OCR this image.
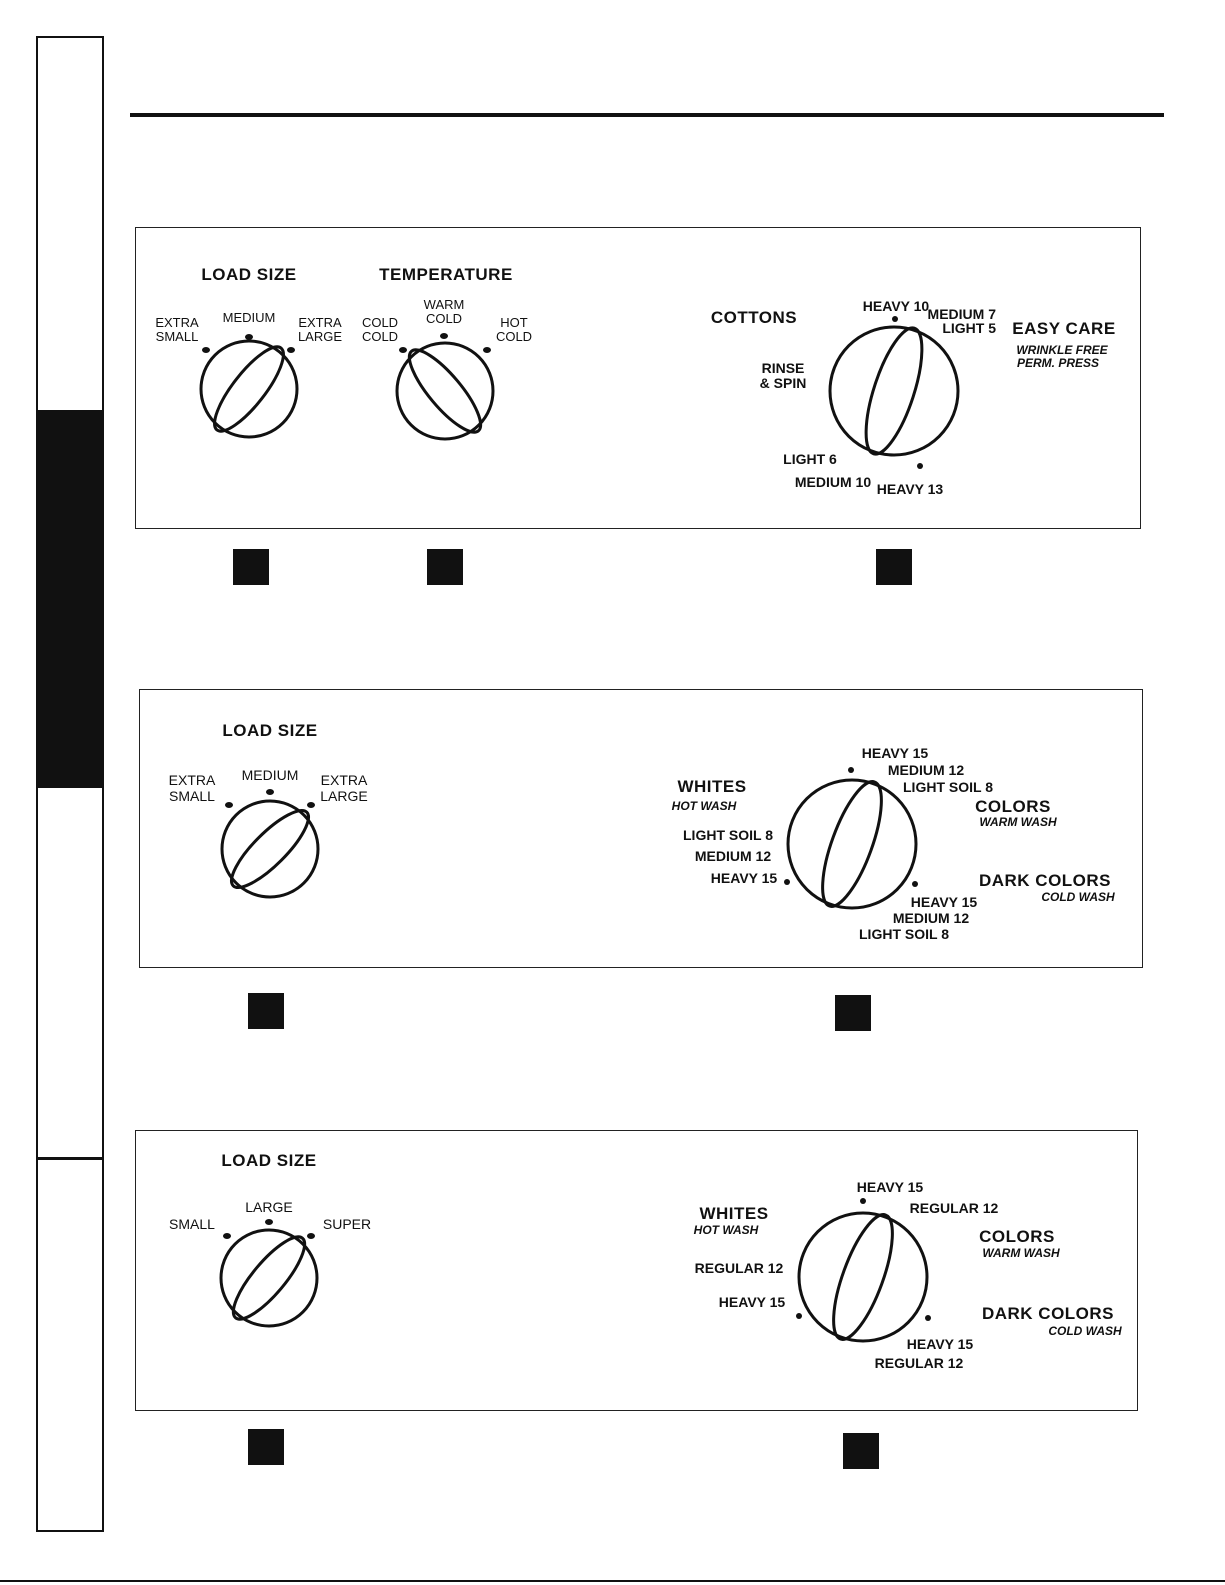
LOAD SIZE
EXTRA
SMALL
MEDIUM EXTRA
LARGE
TEMPERATURE
COLD
COLD
WARM
COLD	HOT
COLD
COTTONS
HEAVY 10
MEDIUM 7
LIGHT 5 EASY CARE
WRINKLE FREE
PERM. PRESS
RINSE
& SPIN
LIGHT 6
MEDIUM 10 HEAVY 13
LOAD SIZE
EXTRA
SMALL
MEDIUM EXTRA
LARGE	WHITES
HOT WASH
LIGHT SOIL 8
MEDIUM 12
HEAVY 15
HEAVY 15
MEDIUM 12
LIGHT SOIL 8
COLORS
WARM WASH
DARK COLORS
COLD WASH
HEAVY 15
MEDIUM 12
LIGHT SOIL 8
LOAD SIZE
SMALL
LARGE
SUPER
WHITES
HOT WASH
REGULAR 12
HEAVY 15
HEAVY 15
REGULAR 12
COLORS
WARM WASH
DARK COLORS
COLD WASH
HEAVY 15
REGULAR 12
